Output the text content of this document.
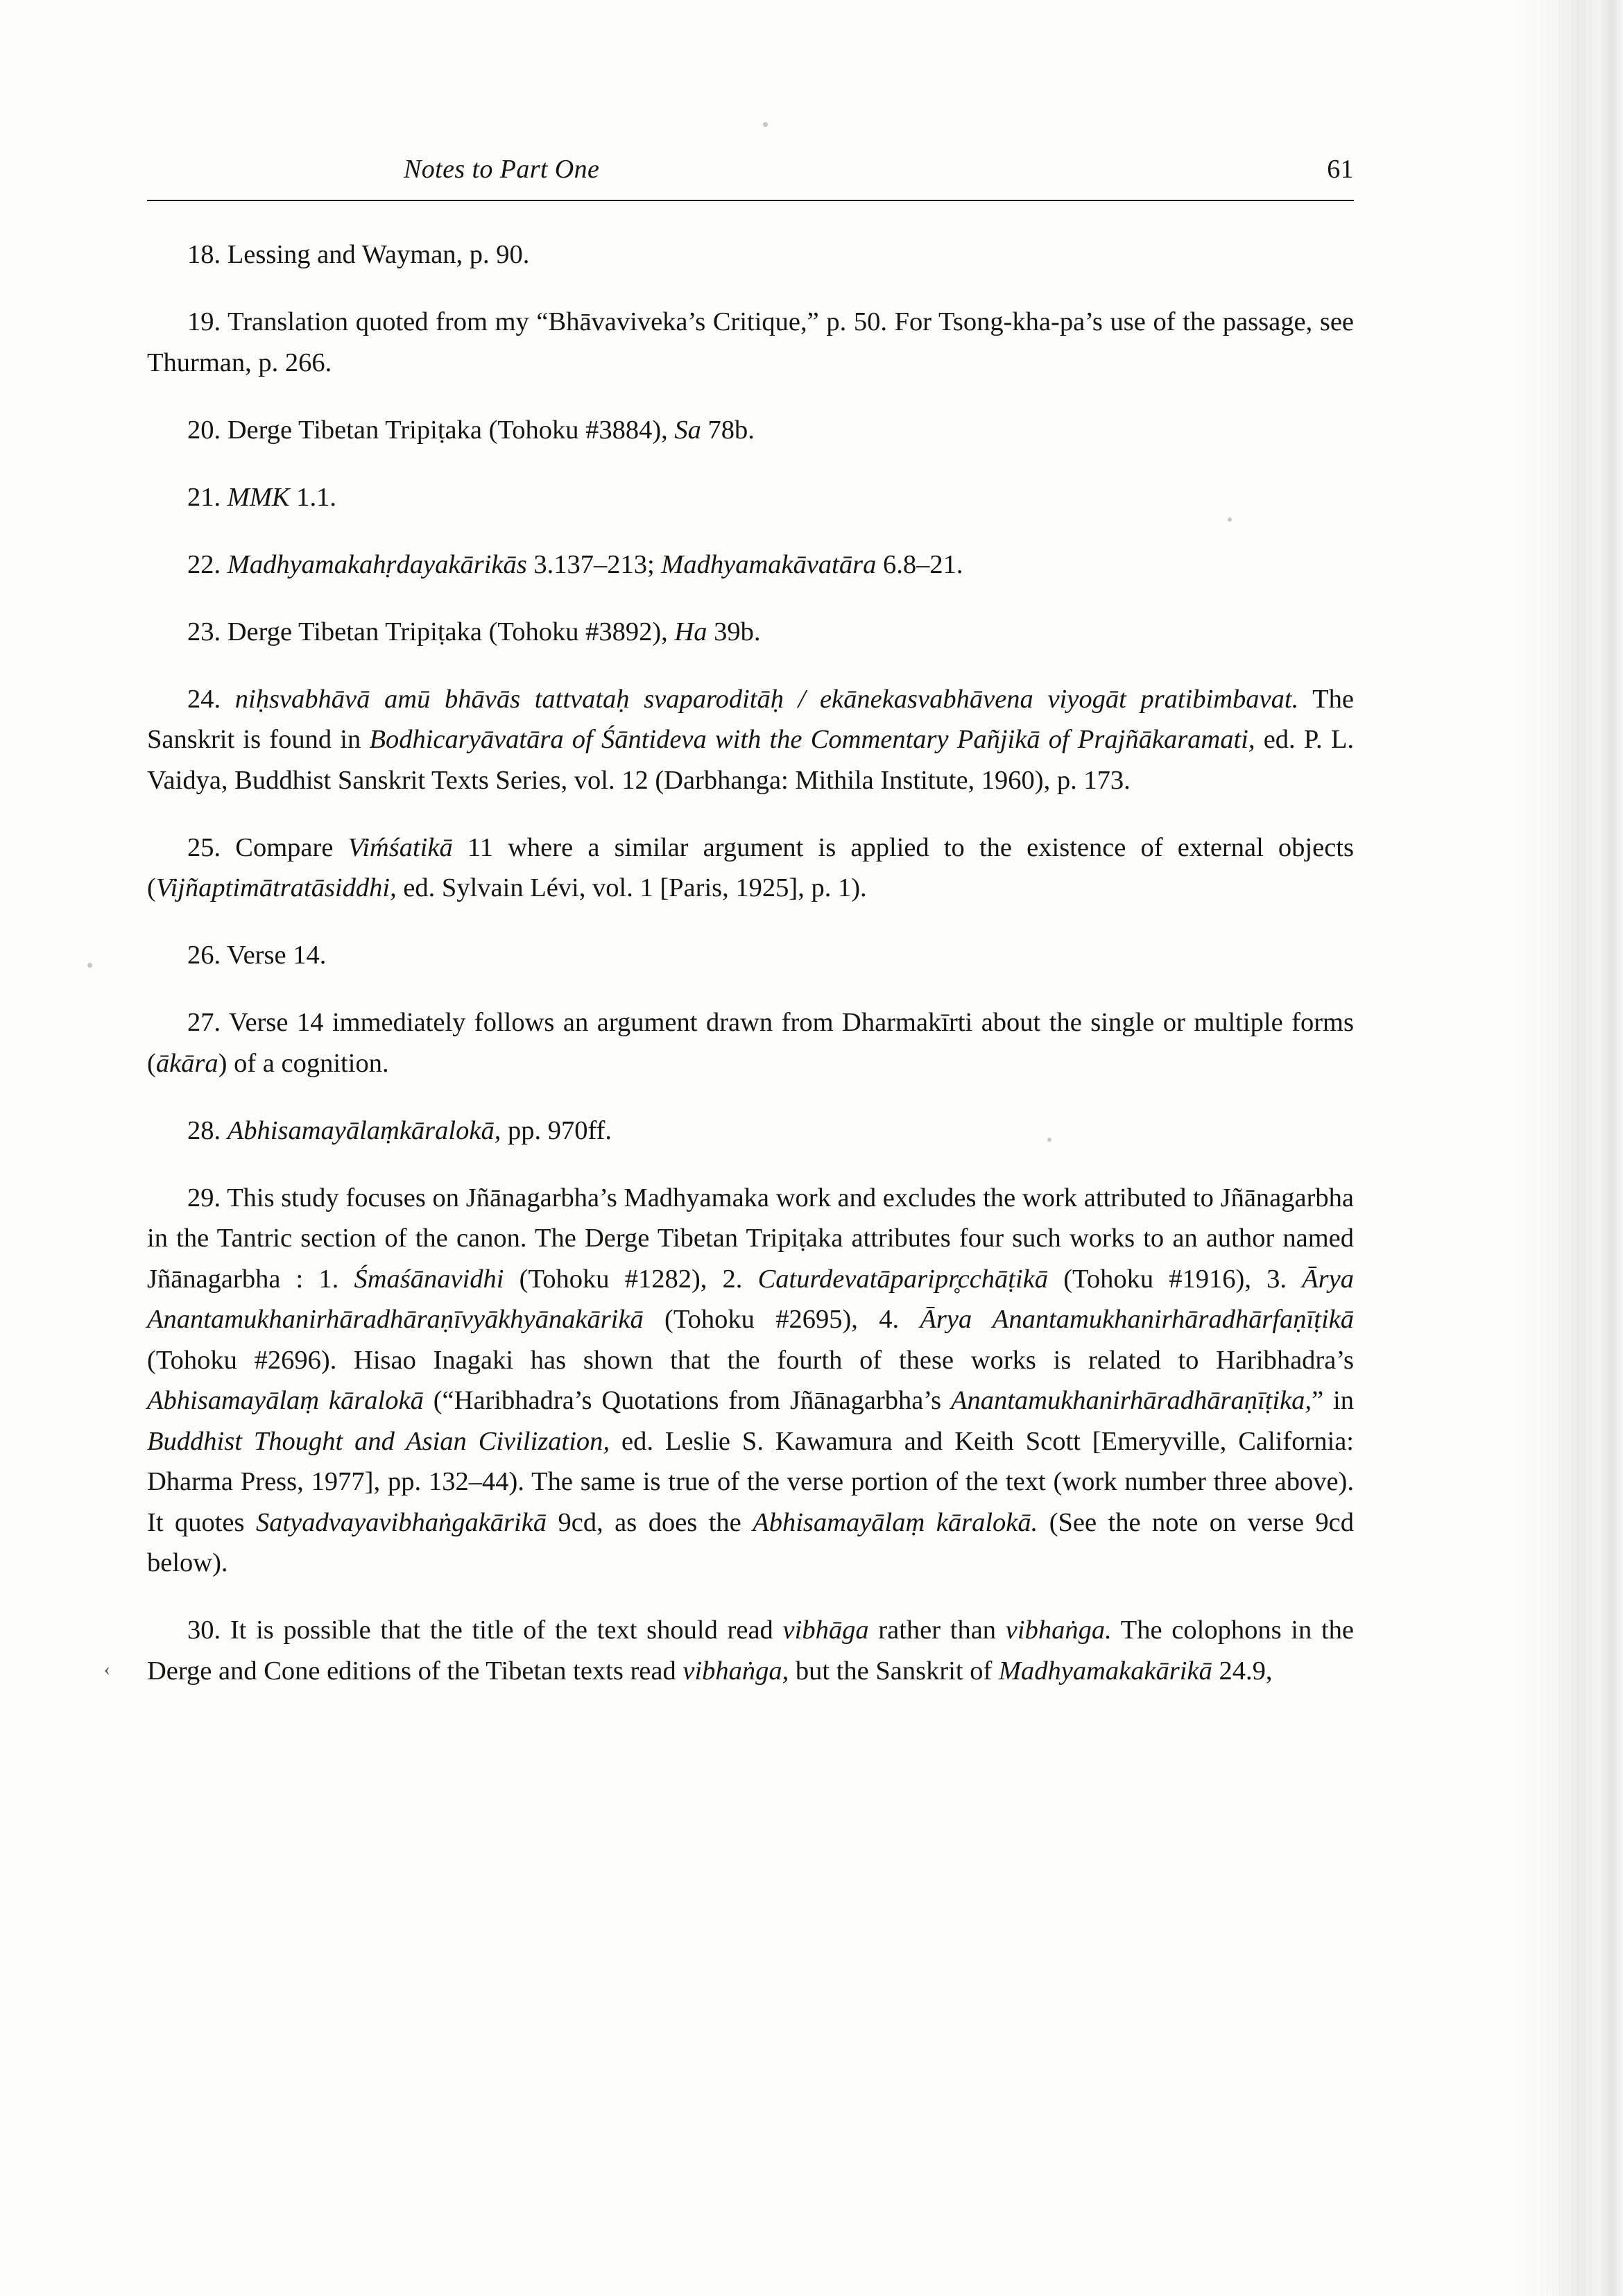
Notes to Part One	61

18. Lessing and Wayman, p. 90.

19. Translation quoted from my “Bhāvaviveka’s Critique,” p. 50. For Tsong-kha-pa’s use of the passage, see Thurman, p. 266.

20. Derge Tibetan Tripiṭaka (Tohoku #3884), Sa 78b.

21. MMK 1.1.

22. Madhyamakahṛdayakārikās 3.137–213; Madhyamakāvatāra 6.8–21.

23. Derge Tibetan Tripiṭaka (Tohoku #3892), Ha 39b.

24. niḥsvabhāvā amū bhāvās tattvataḥ svaparoditāḥ / ekānekasvabhāvena viyogāt pratibimbavat. The Sanskrit is found in Bodhicaryāvatāra of Śāntideva with the Commentary Pañjikā of Prajñākaramati, ed. P. L. Vaidya, Buddhist Sanskrit Texts Series, vol. 12 (Darbhanga: Mithila Institute, 1960), p. 173.

25. Compare Viḿśatikā 11 where a similar argument is applied to the existence of external objects (Vijñaptimātratāsiddhi, ed. Sylvain Lévi, vol. 1 [Paris, 1925], p. 1).

26. Verse 14.

27. Verse 14 immediately follows an argument drawn from Dharmakīrti about the single or multiple forms (ākāra) of a cognition.

28. Abhisamayālaṃkāralokā, pp. 970ff.

29. This study focuses on Jñānagarbha’s Madhyamaka work and excludes the work attributed to Jñānagarbha in the Tantric section of the canon. The Derge Tibetan Tripiṭaka attributes four such works to an author named Jñānagarbha : 1. Śmaśānavidhi (Tohoku #1282), 2. Caturdevatāparipr̥cchāṭikā (Tohoku #1916), 3. Ārya Anantamukhanirhāradhāraṇīvyākhyānakārikā (Tohoku #2695), 4. Ārya Anantamukhanirhāradhārfaṇīṭikā (Tohoku #2696). Hisao Inagaki has shown that the fourth of these works is related to Haribhadra’s Abhisamayālaṃ kāralokā (“Haribhadra’s Quotations from Jñānagarbha’s Anantamukhanirhāradhāraṇīṭika,” in Buddhist Thought and Asian Civilization, ed. Leslie S. Kawamura and Keith Scott [Emeryville, California: Dharma Press, 1977], pp. 132–44). The same is true of the verse portion of the text (work number three above). It quotes Satyadvayavibhaṅgakārikā 9cd, as does the Abhisamayālaṃ kāralokā. (See the note on verse 9cd below).

30. It is possible that the title of the text should read vibhāga rather than vibhaṅga. The colophons in the Derge and Cone editions of the Tibetan texts read vibhaṅga, but the Sanskrit of Madhyamakakārikā 24.9,

‹
